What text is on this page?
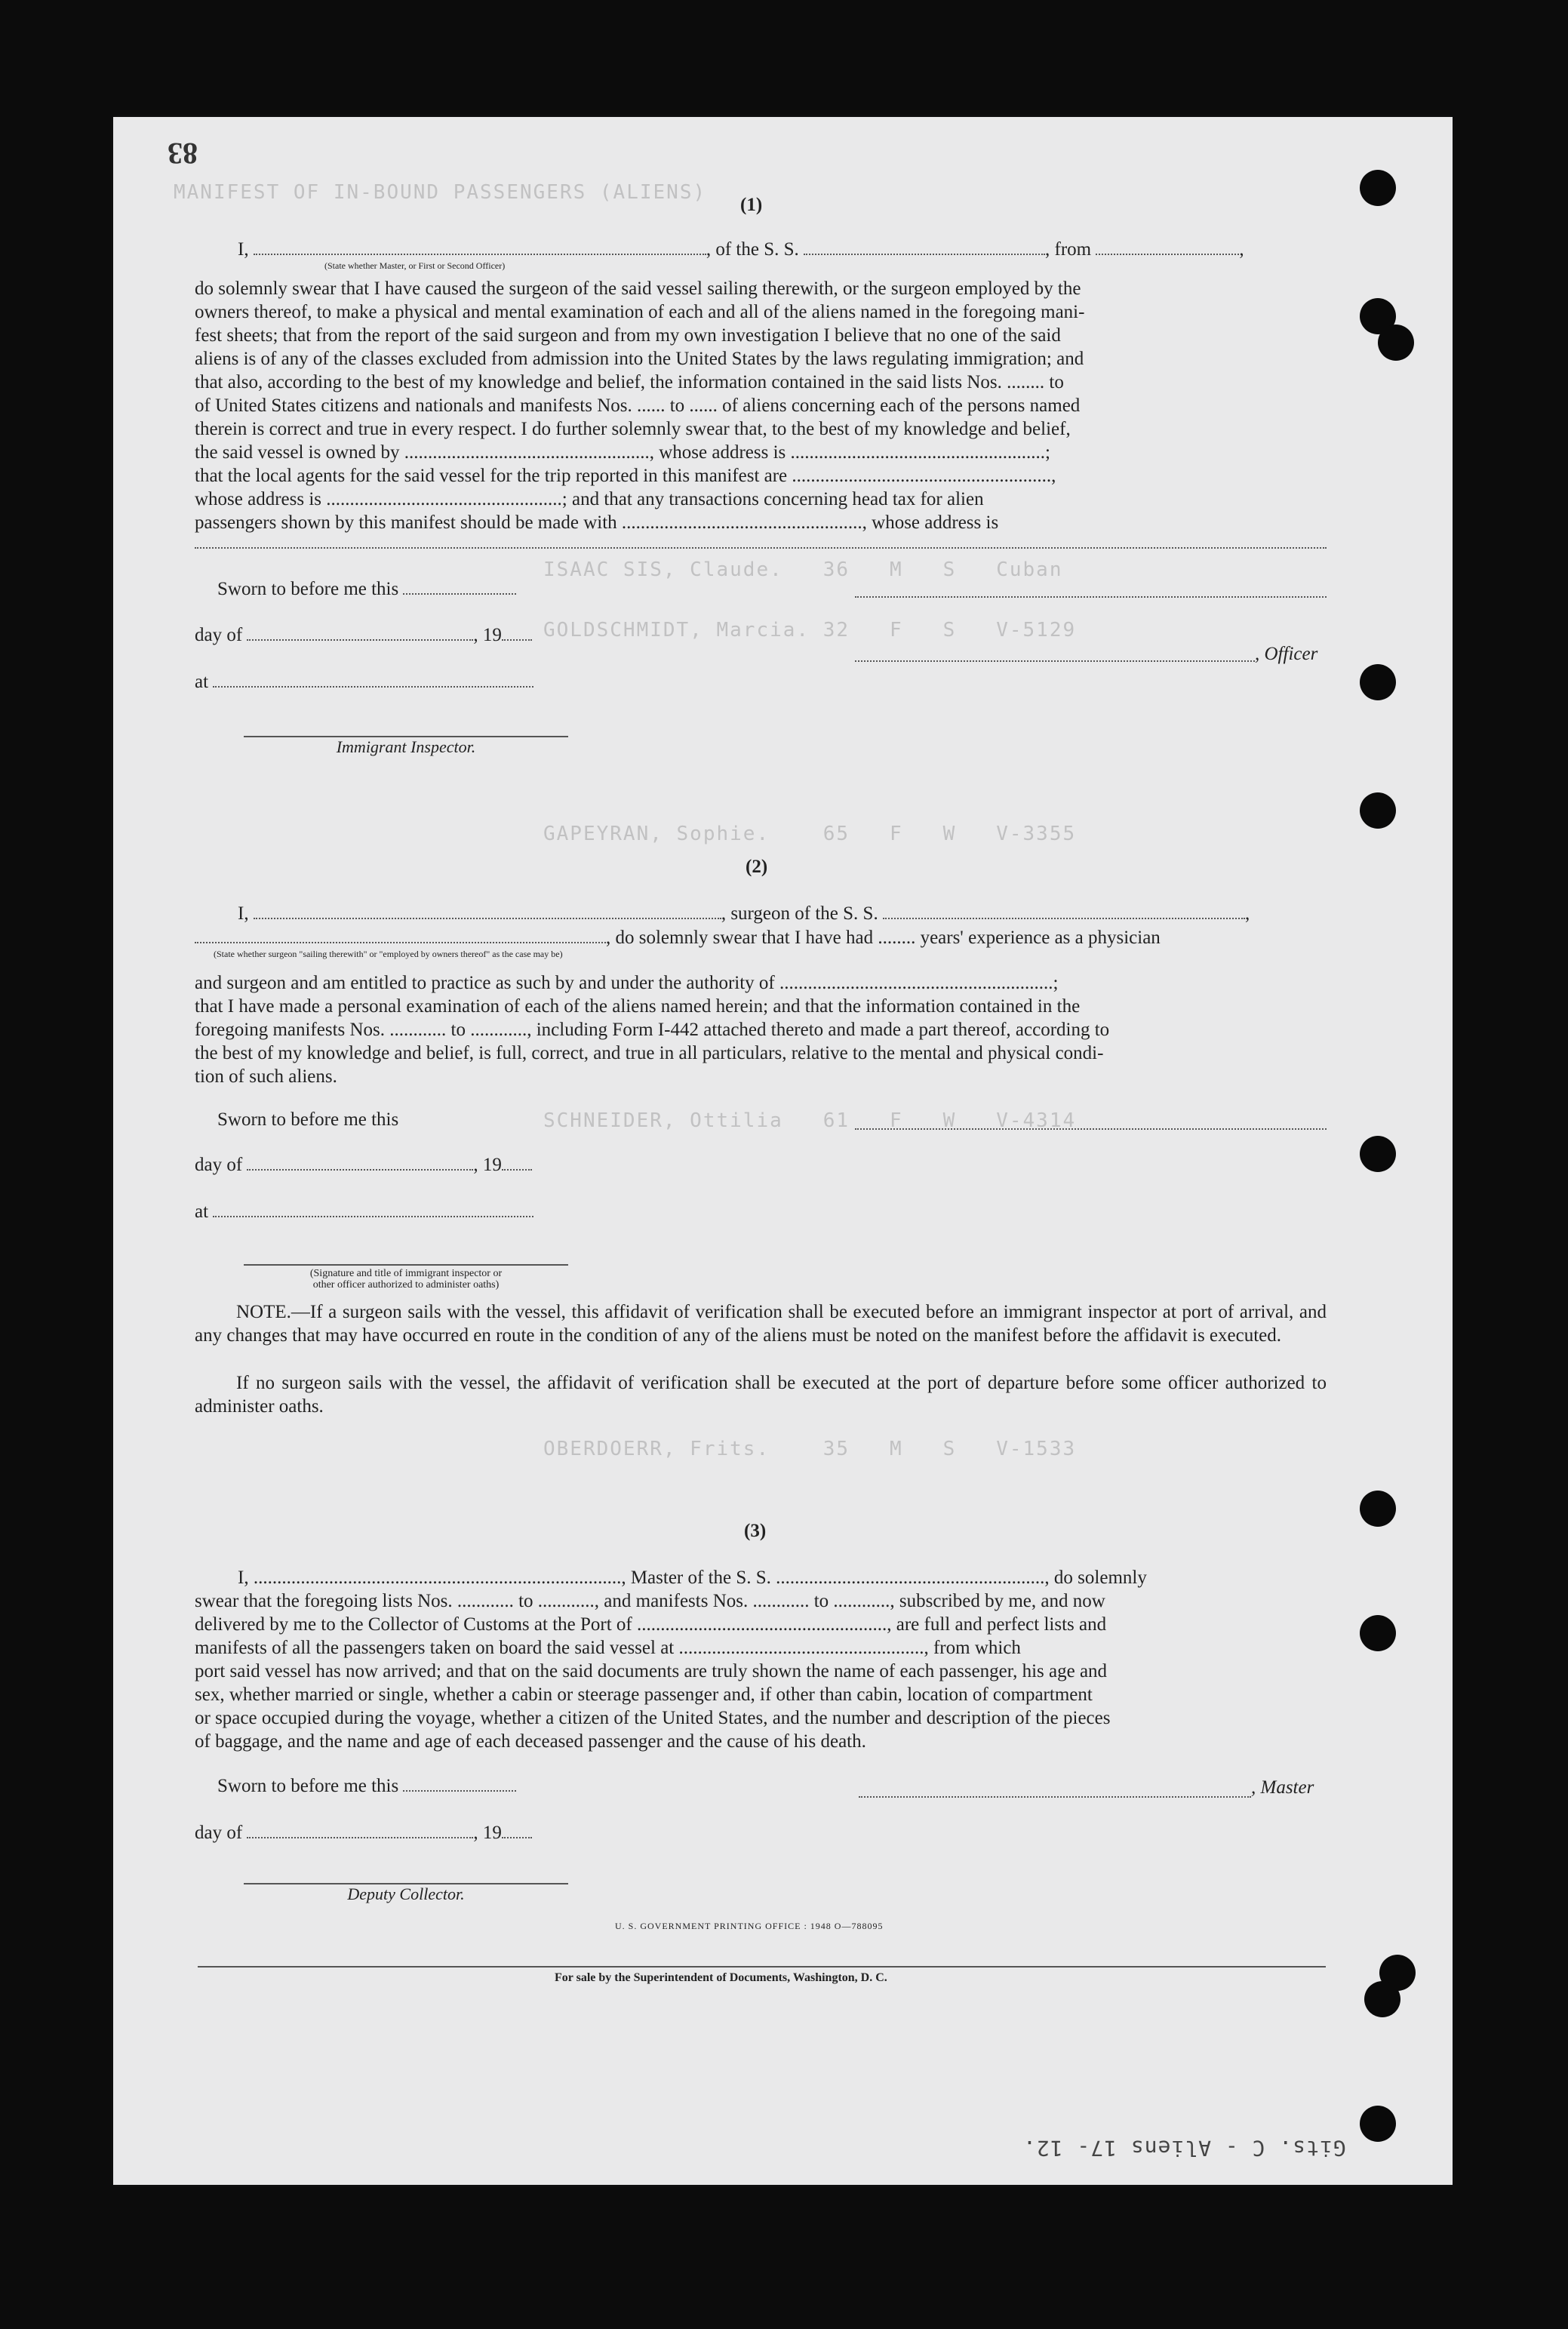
MANIFEST OF IN-BOUND PASSENGERS (ALIENS)
ISAAC SIS, Claude.   36   M   S   Cuban
GOLDSCHMIDT, Marcia. 32   F   S   V-5129
GAPEYRAN, Sophie.    65   F   W   V-3355
SCHNEIDER, Ottilia   61   F   W   V-4314
OBERDOERR, Frits.    35   M   S   V-1533
83
(1)
I,	, of the S. S.	, from	,
(State whether Master, or First or Second Officer)
do solemnly swear that I have caused the surgeon of the said vessel sailing therewith, or the surgeon employed by the
owners thereof, to make a physical and mental examination of each and all of the aliens named in the foregoing mani-
fest sheets; that from the report of the said surgeon and from my own investigation I believe that no one of the said
aliens is of any of the classes excluded from admission into the United States by the laws regulating immigration; and
that also, according to the best of my knowledge and belief, the information contained in the said lists Nos. ........ to
of United States citizens and nationals and manifests Nos. ...... to ...... of aliens concerning each of the persons named
therein is correct and true in every respect. I do further solemnly swear that, to the best of my knowledge and belief,
the said vessel is owned by ...................................................., whose address is ......................................................;
that the local agents for the said vessel for the trip reported in this manifest are .......................................................,
whose address is ..................................................; and that any transactions concerning head tax for alien
passengers shown by this manifest should be made with ..................................................., whose address is
Sworn to before me this
day of	, 19
, Officer
at
Immigrant Inspector.
(2)
I,	, surgeon of the S. S.	,
, do solemnly swear that I have had ........ years' experience as a physician
(State whether surgeon "sailing therewith" or "employed by owners thereof" as the case may be)
and surgeon and am entitled to practice as such by and under the authority of ..........................................................;
that I have made a personal examination of each of the aliens named herein; and that the information contained in the
foregoing manifests Nos. ............ to ............, including Form I-442 attached thereto and made a part thereof, according to
the best of my knowledge and belief, is full, correct, and true in all particulars, relative to the mental and physical condi-
tion of such aliens.
Sworn to before me this
day of	, 19
at
(Signature and title of immigrant inspector or
other officer authorized to administer oaths)
NOTE.—If a surgeon sails with the vessel, this affidavit of verification shall be executed before an immigrant inspector at port of arrival, and any changes that may have occurred en route in the condition of any of the aliens must be noted on the manifest before the affidavit is executed.
If no surgeon sails with the vessel, the affidavit of verification shall be executed at the port of departure before some officer authorized to administer oaths.
(3)
I, .............................................................................., Master of the S. S. ........................................................., do solemnly
swear that the foregoing lists Nos. ............ to ............, and manifests Nos. ............ to ............, subscribed by me, and now
delivered by me to the Collector of Customs at the Port of ....................................................., are full and perfect lists and
manifests of all the passengers taken on board the said vessel at ...................................................., from which
port said vessel has now arrived; and that on the said documents are truly shown the name of each passenger, his age and
sex, whether married or single, whether a cabin or steerage passenger and, if other than cabin, location of compartment
or space occupied during the voyage, whether a citizen of the United States, and the number and description of the pieces
of baggage, and the name and age of each deceased passenger and the cause of his death.
Sworn to before me this	, Master
day of	, 19
Deputy Collector.
U. S. GOVERNMENT PRINTING OFFICE : 1948 O—788095
For sale by the Superintendent of Documents, Washington, D. C.
Gits. C - Aliens 17- 12.
